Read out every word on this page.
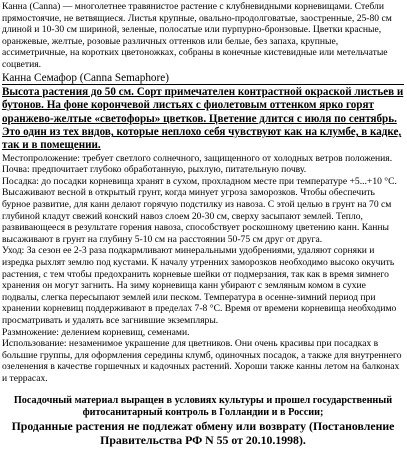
Канна (Canna) — многолетнее травянистое растение с клубневидными корневищами. Стебли прямостоячие, не ветвящиеся. Листья крупные, овально-продолговатые, заостренные, 25-80 см длиной и 10-30 см шириной, зеленые, полосатые или пурпурно-бронзовые. Цветки красные, оранжевые, желтые, розовые различных оттенков или белые, без запаха, крупные, ассиметричные, на коротких цветоножках, собраны в конечные кистевидные или метельчатые соцветия.

Канна Семафор (Canna Semaphore)

Высота растения до 50 см. Сорт примечателен контрастной окраской листьев и бутонов. На фоне корончевой листьях с фиолетовым оттенком ярко горят оранжево-желтые «светофоры» цветков. Цветение длится с июля по сентябрь. Это один из тех видов, которые неплохо себя чувствуют как на клумбе, в кадке, так и в помещении.

Местопроложение: требует светлого солнечного, защищенного от холодных ветров положения.

Почва: предпочитает глубоко обработанную, рыхлую, питательную почву.

Посадка: до посадки корневища хранят в сухом, прохладном месте при температуре +5...+10 °С. Высаживают весной в открытый грунт, когда минует угроза заморозков. Чтобы обеспечить бурное развитие, для канн делают горячую подстилку из навоза. С этой целью в грунт на 70 см глубиной кладут свежий конский навоз слоем 20-30 см, сверху засыпают землей. Тепло, развивающееся в результате горения навоза, способствует роскошному цветению канн. Канны высаживают в грунт на глубину 5-10 см на расстоянии 50-75 см друг от друга.

Уход: За сезон ее 2-3 раза подкармливают минеральными удобрениями, удаляют сорняки и изредка рыхлят землю под кустами. К началу утренних заморозков необходимо высоко окучить растения, с тем чтобы предохранить корневые шейки от подмерзания, так как в время зимнего хранения он могут загнить. На зиму корневища канн убирают с земляным комом в сухие подвалы, слегка пересыпают землей или песком. Температура в осенне-зимний период при хранении корневищ поддерживают в пределах 7-8 °С. Время от времени корневища необходимо просматривать и удалять все загнившие экземпляры.

Размножение: делением корневищ, семенами.

Использование: незаменимое украшение для цветников. Они очень красивы при посадках в большие группы, для оформления середины клумб, одиночных посадок, а также для внутреннего озеленения в качестве горшечных и кадочных растений. Хороши также канны летом на балконах и террасах.

Посадочный материал выращен в условиях культуры и прошел государственный фитосанитарный контроль в Голландии и в России;
Проданные растения не подлежат обмену или возврату (Постановление Правительства РФ N 55 от 20.10.1998).
